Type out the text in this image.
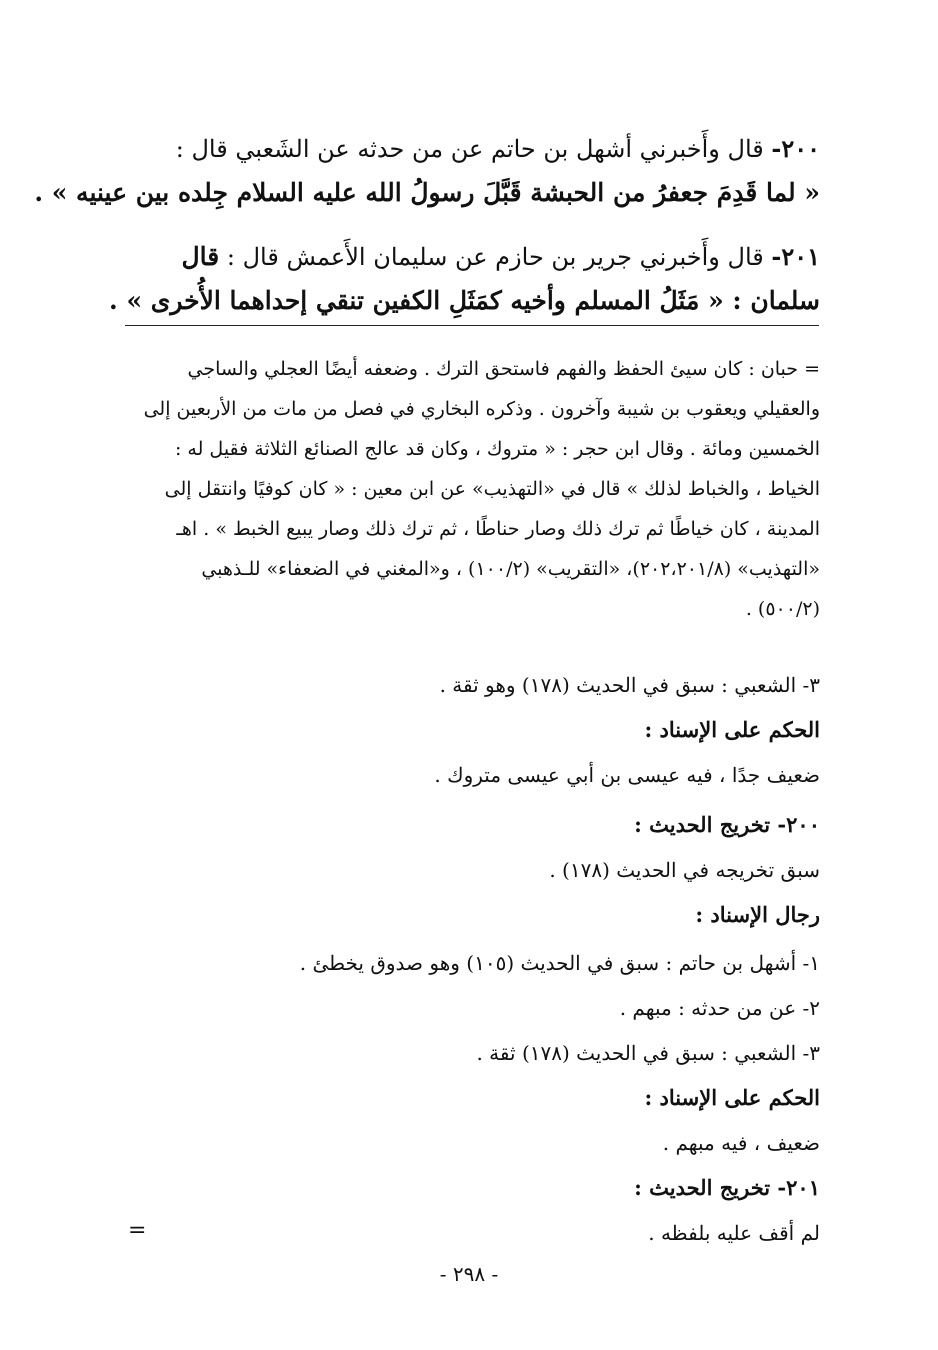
٢٠٠- قال وأَخبرني أشهل بن حاتم عن من حدثه عن الشَعبي قال :
« لما قَدِمَ جعفرُ من الحبشة قَبَّلَ رسولُ الله عليه السلام جِلده بين عينيه » .
٢٠١- قال وأَخبرني جرير بن حازم عن سليمان الأَعمش قال : قال
سلمان : « مَثَلُ المسلم وأخيه كمَثَلِ الكفين تنقي إحداهما الأُخرى » .
= حبان : كان سيئ الحفظ والفهم فاستحق الترك . وضعفه أيضًا العجلي والساجي
والعقيلي ويعقوب بن شيبة وآخرون . وذكره البخاري في فصل من مات من الأربعين إلى
الخمسين ومائة . وقال ابن حجر : « متروك ، وكان قد عالج الصنائع الثلاثة فقيل له :
الخياط ، والخباط لذلك » قال في «التهذيب» عن ابن معين : « كان كوفيًا وانتقل إلى
المدينة ، كان خياطًا ثم ترك ذلك وصار حناطًا ، ثم ترك ذلك وصار يبيع الخبط » . اهـ
«التهذيب» (٢٠٢،٢٠١/٨)، «التقريب» (١٠٠/٢) ، و«المغني في الضعفاء» للـذهبي
(٥٠٠/٢) .
٣- الشعبي : سبق في الحديث (١٧٨) وهو ثقة .
الحكم على الإسناد :
ضعيف جدًا ، فيه عيسى بن أبي عيسى متروك .
٢٠٠- تخريج الحديث :
سبق تخريجه في الحديث (١٧٨) .
رجال الإسناد :
١- أشهل بن حاتم : سبق في الحديث (١٠٥) وهو صدوق يخطئ .
٢- عن من حدثه : مبهم .
٣- الشعبي : سبق في الحديث (١٧٨) ثقة .
الحكم على الإسناد :
ضعيف ، فيه مبهم .
٢٠١- تخريج الحديث :
لم أقف عليه بلفظه .
=
- ٢٩٨ -
